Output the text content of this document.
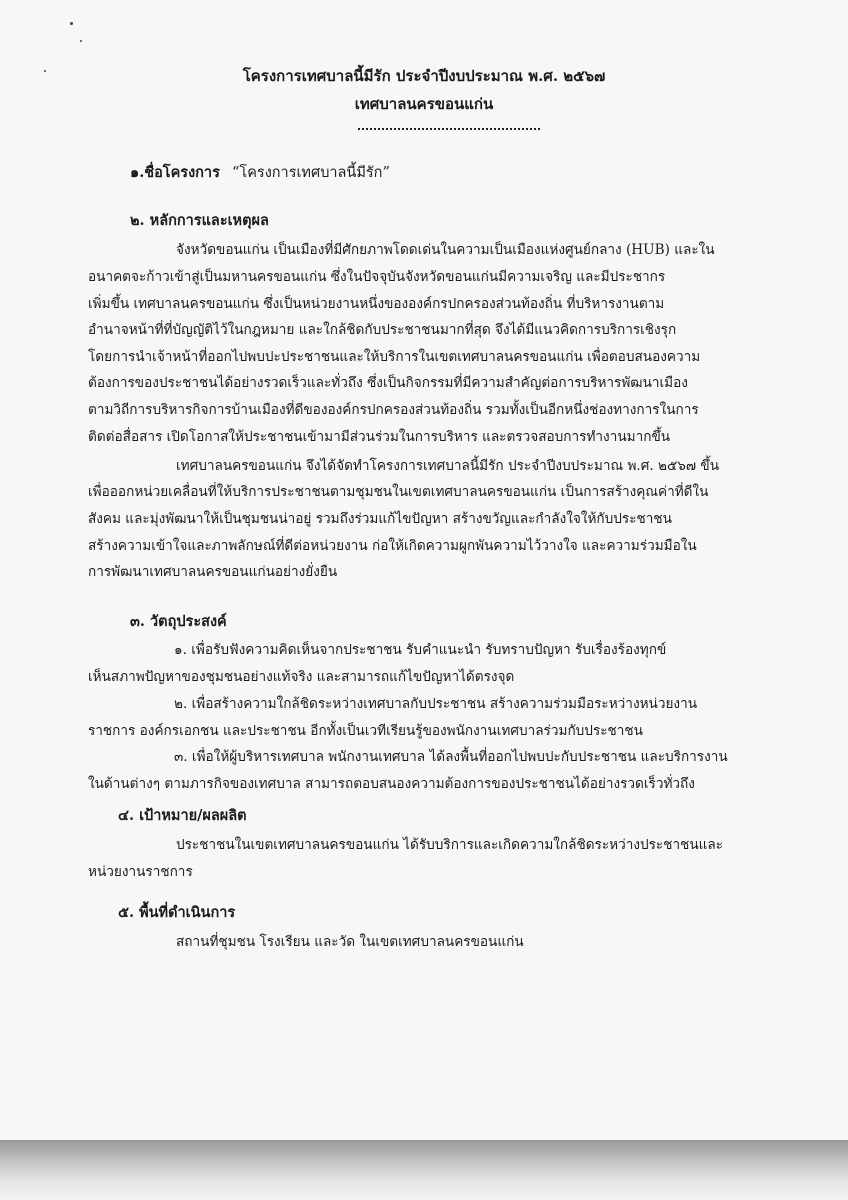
โครงการเทศบาลนี้มีรัก ประจำปีงบประมาณ พ.ศ. ๒๕๖๗
เทศบาลนครขอนแก่น
๑.ชื่อโครงการ “โครงการเทศบาลนี้มีรัก”
๒. หลักการและเหตุผล
จังหวัดขอนแก่น เป็นเมืองที่มีศักยภาพโดดเด่นในความเป็นเมืองแห่งศูนย์กลาง (HUB) และใน
อนาคตจะก้าวเข้าสู่เป็นมหานครขอนแก่น ซึ่งในปัจจุบันจังหวัดขอนแก่นมีความเจริญ และมีประชากร
เพิ่มขึ้น เทศบาลนครขอนแก่น ซึ่งเป็นหน่วยงานหนึ่งขององค์กรปกครองส่วนท้องถิ่น ที่บริหารงานตาม
อำนาจหน้าที่ที่บัญญัติไว้ในกฎหมาย และใกล้ชิดกับประชาชนมากที่สุด จึงได้มีแนวคิดการบริการเชิงรุก
โดยการนำเจ้าหน้าที่ออกไปพบปะประชาชนและให้บริการในเขตเทศบาลนครขอนแก่น เพื่อตอบสนองความ
ต้องการของประชาชนได้อย่างรวดเร็วและทั่วถึง ซึ่งเป็นกิจกรรมที่มีความสำคัญต่อการบริหารพัฒนาเมือง
ตามวิถีการบริหารกิจการบ้านเมืองที่ดีขององค์กรปกครองส่วนท้องถิ่น รวมทั้งเป็นอีกหนึ่งช่องทางการในการ
ติดต่อสื่อสาร เปิดโอกาสให้ประชาชนเข้ามามีส่วนร่วมในการบริหาร และตรวจสอบการทำงานมากขึ้น
เทศบาลนครขอนแก่น จึงได้จัดทำโครงการเทศบาลนี้มีรัก ประจำปีงบประมาณ พ.ศ. ๒๕๖๗ ขึ้น
เพื่อออกหน่วยเคลื่อนที่ให้บริการประชาชนตามชุมชนในเขตเทศบาลนครขอนแก่น เป็นการสร้างคุณค่าที่ดีใน
สังคม และมุ่งพัฒนาให้เป็นชุมชนน่าอยู่ รวมถึงร่วมแก้ไขปัญหา สร้างขวัญและกำลังใจให้กับประชาชน
สร้างความเข้าใจและภาพลักษณ์ที่ดีต่อหน่วยงาน ก่อให้เกิดความผูกพันความไว้วางใจ และความร่วมมือใน
การพัฒนาเทศบาลนครขอนแก่นอย่างยั่งยืน
๓. วัตถุประสงค์
๑. เพื่อรับฟังความคิดเห็นจากประชาชน รับคำแนะนำ รับทราบปัญหา รับเรื่องร้องทุกข์
เห็นสภาพปัญหาของชุมชนอย่างแท้จริง และสามารถแก้ไขปัญหาได้ตรงจุด
๒. เพื่อสร้างความใกล้ชิดระหว่างเทศบาลกับประชาชน สร้างความร่วมมือระหว่างหน่วยงาน
ราชการ องค์กรเอกชน และประชาชน อีกทั้งเป็นเวทีเรียนรู้ของพนักงานเทศบาลร่วมกับประชาชน
๓. เพื่อให้ผู้บริหารเทศบาล พนักงานเทศบาล ได้ลงพื้นที่ออกไปพบปะกับประชาชน และบริการงาน
ในด้านต่างๆ ตามภารกิจของเทศบาล สามารถตอบสนองความต้องการของประชาชนได้อย่างรวดเร็วทั่วถึง
๔. เป้าหมาย/ผลผลิต
ประชาชนในเขตเทศบาลนครขอนแก่น ได้รับบริการและเกิดความใกล้ชิดระหว่างประชาชนและ
หน่วยงานราชการ
๕. พื้นที่ดำเนินการ
สถานที่ชุมชน โรงเรียน และวัด ในเขตเทศบาลนครขอนแก่น
